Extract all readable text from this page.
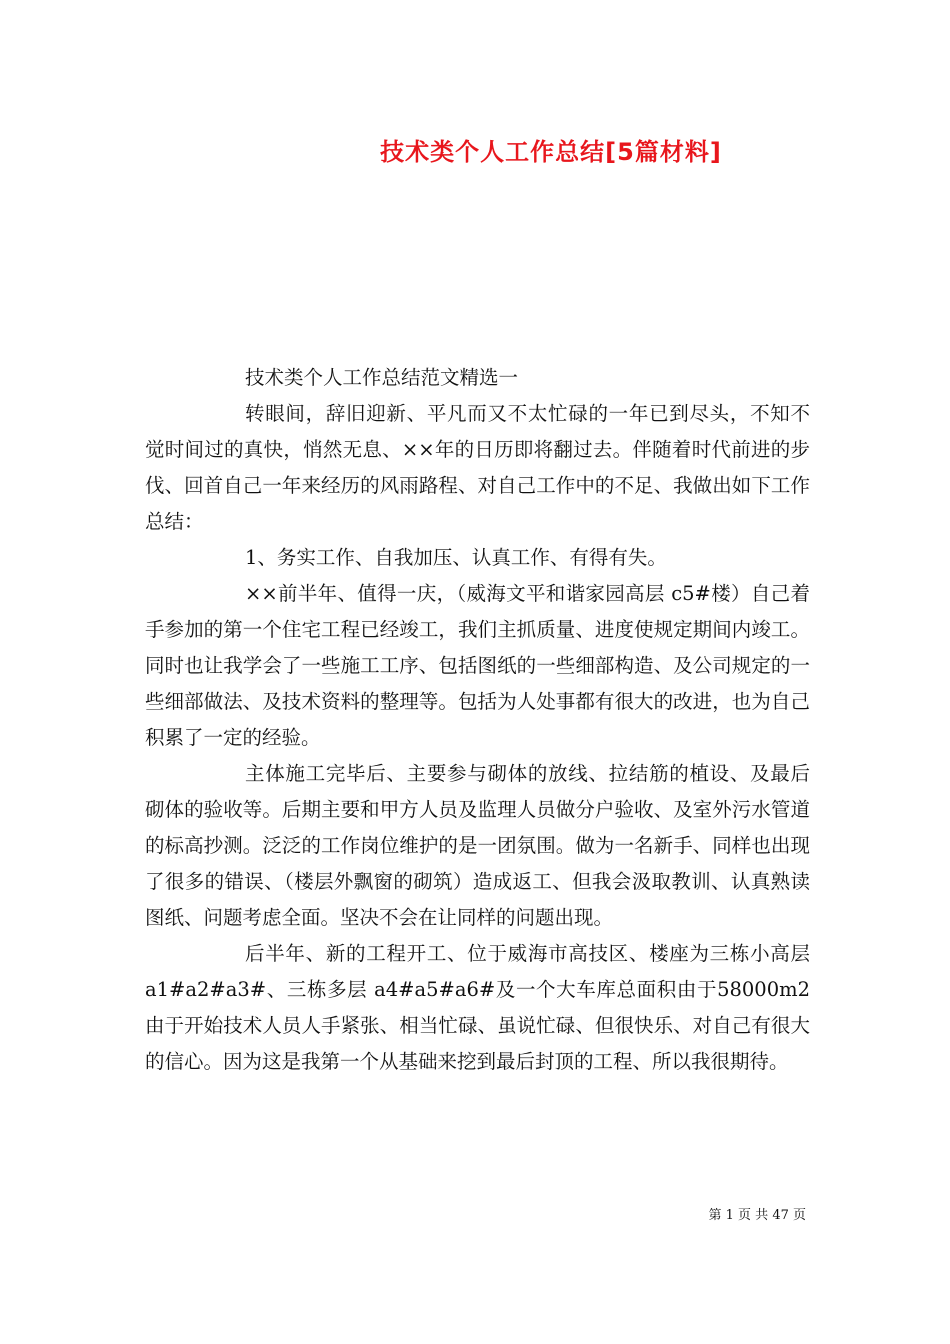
技术类个人工作总结[5篇材料]

技术类个人工作总结范文精选一

转眼间，辞旧迎新、平凡而又不太忙碌的一年已到尽头，不知不觉时间过的真快，悄然无息、××年的日历即将翻过去。伴随着时代前进的步伐、回首自己一年来经历的风雨路程、对自己工作中的不足、我做出如下工作总结：

1、务实工作、自我加压、认真工作、有得有失。

××前半年、值得一庆，（威海文平和谐家园高层 c5#楼）自己着手参加的第一个住宅工程已经竣工，我们主抓质量、进度使规定期间内竣工。同时也让我学会了一些施工工序、包括图纸的一些细部构造、及公司规定的一些细部做法、及技术资料的整理等。包括为人处事都有很大的改进，也为自己积累了一定的经验。

主体施工完毕后、主要参与砌体的放线、拉结筋的植设、及最后砌体的验收等。后期主要和甲方人员及监理人员做分户验收、及室外污水管道的标高抄测。泛泛的工作岗位维护的是一团氛围。做为一名新手、同样也出现了很多的错误、（楼层外飘窗的砌筑）造成返工、但我会汲取教训、认真熟读图纸、问题考虑全面。坚决不会在让同样的问题出现。

后半年、新的工程开工、位于威海市高技区、楼座为三栋小高层 a1#a2#a3#、三栋多层 a4#a5#a6#及一个大车库总面积由于58000m2 由于开始技术人员人手紧张、相当忙碌、虽说忙碌、但很快乐、对自己有很大的信心。因为这是我第一个从基础来挖到最后封顶的工程、所以我很期待。

第 1 页 共 47 页
